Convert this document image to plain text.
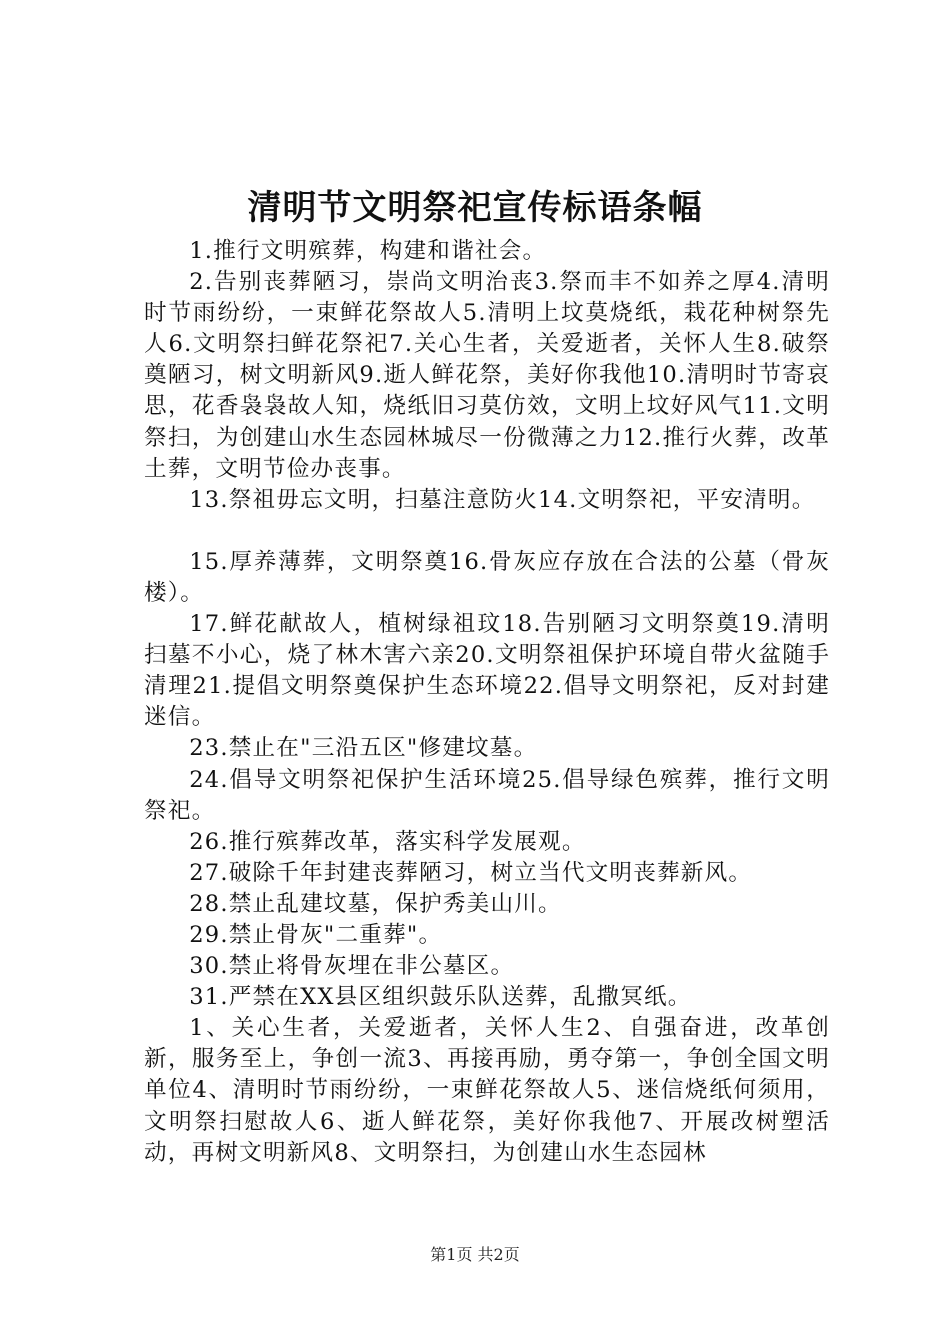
清明节文明祭祀宣传标语条幅

1.推行文明殡葬，构建和谐社会。

2.告别丧葬陋习，崇尚文明治丧3.祭而丰不如养之厚4.清明时节雨纷纷，一束鲜花祭故人5.清明上坟莫烧纸，栽花种树祭先人6.文明祭扫鲜花祭祀7.关心生者，关爱逝者，关怀人生8.破祭奠陋习，树文明新风9.逝人鲜花祭，美好你我他10.清明时节寄哀思，花香袅袅故人知，烧纸旧习莫仿效，文明上坟好风气11.文明祭扫，为创建山水生态园林城尽一份微薄之力12.推行火葬，改革土葬，文明节俭办丧事。

13.祭祖毋忘文明，扫墓注意防火14.文明祭祀，平安清明。

15.厚养薄葬，文明祭奠16.骨灰应存放在合法的公墓（骨灰楼）。

17.鲜花献故人，植树绿祖玟18.告别陋习文明祭奠19.清明扫墓不小心，烧了林木害六亲20.文明祭祖保护环境自带火盆随手清理21.提倡文明祭奠保护生态环境22.倡导文明祭祀，反对封建迷信。

23.禁止在"三沿五区"修建坟墓。

24.倡导文明祭祀保护生活环境25.倡导绿色殡葬，推行文明祭祀。

26.推行殡葬改革，落实科学发展观。

27.破除千年封建丧葬陋习，树立当代文明丧葬新风。

28.禁止乱建坟墓，保护秀美山川。

29.禁止骨灰"二重葬"。

30.禁止将骨灰埋在非公墓区。

31.严禁在XX县区组织鼓乐队送葬，乱撒冥纸。

1、关心生者，关爱逝者，关怀人生2、自强奋进，改革创新，服务至上，争创一流3、再接再励，勇夺第一，争创全国文明单位4、清明时节雨纷纷，一束鲜花祭故人5、迷信烧纸何须用，文明祭扫慰故人6、逝人鲜花祭，美好你我他7、开展改树塑活动，再树文明新风8、文明祭扫，为创建山水生态园林

第1页 共2页
